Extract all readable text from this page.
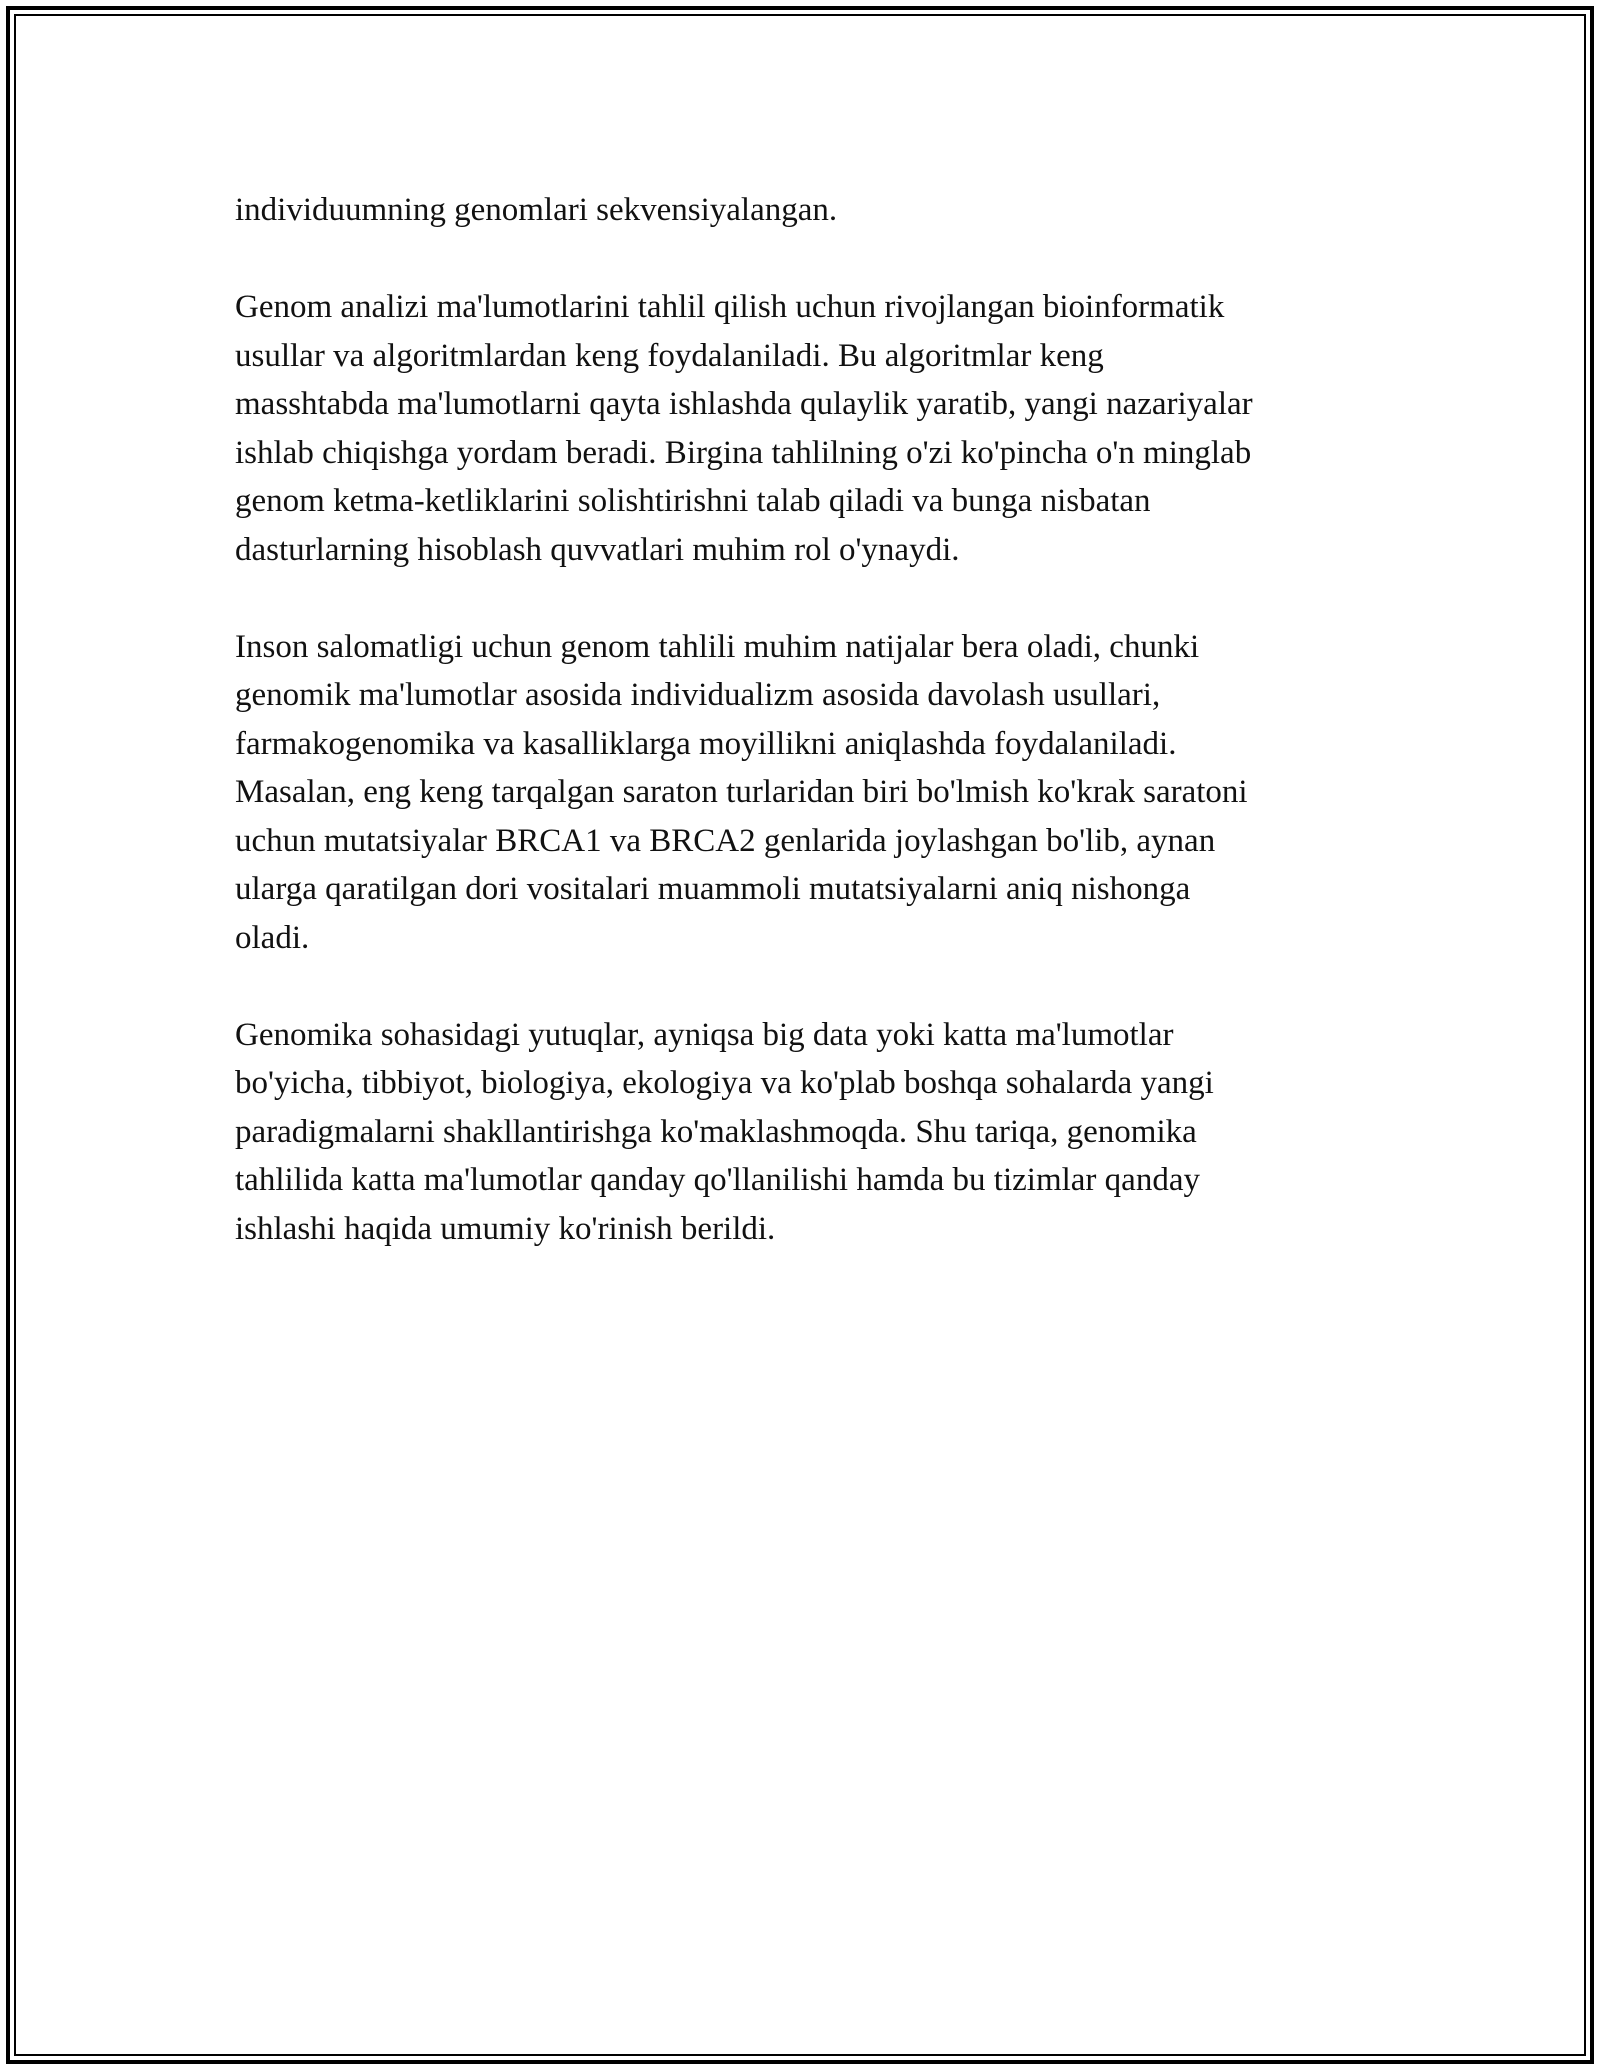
individuumning genomlari sekvensiyalangan.

Genom analizi ma'lumotlarini tahlil qilish uchun rivojlangan bioinformatik
usullar va algoritmlardan keng foydalaniladi. Bu algoritmlar keng
masshtabda ma'lumotlarni qayta ishlashda qulaylik yaratib, yangi nazariyalar
ishlab chiqishga yordam beradi. Birgina tahlilning o'zi ko'pincha o'n minglab
genom ketma-ketliklarini solishtirishni talab qiladi va bunga nisbatan
dasturlarning hisoblash quvvatlari muhim rol o'ynaydi.

Inson salomatligi uchun genom tahlili muhim natijalar bera oladi, chunki
genomik ma'lumotlar asosida individualizm asosida davolash usullari,
farmakogenomika va kasalliklarga moyillikni aniqlashda foydalaniladi.
Masalan, eng keng tarqalgan saraton turlaridan biri bo'lmish ko'krak saratoni
uchun mutatsiyalar BRCA1 va BRCA2 genlarida joylashgan bo'lib, aynan
ularga qaratilgan dori vositalari muammoli mutatsiyalarni aniq nishonga
oladi.

Genomika sohasidagi yutuqlar, ayniqsa big data yoki katta ma'lumotlar
bo'yicha, tibbiyot, biologiya, ekologiya va ko'plab boshqa sohalarda yangi
paradigmalarni shakllantirishga ko'maklashmoqda. Shu tariqa, genomika
tahlilida katta ma'lumotlar qanday qo'llanilishi hamda bu tizimlar qanday
ishlashi haqida umumiy ko'rinish berildi.
